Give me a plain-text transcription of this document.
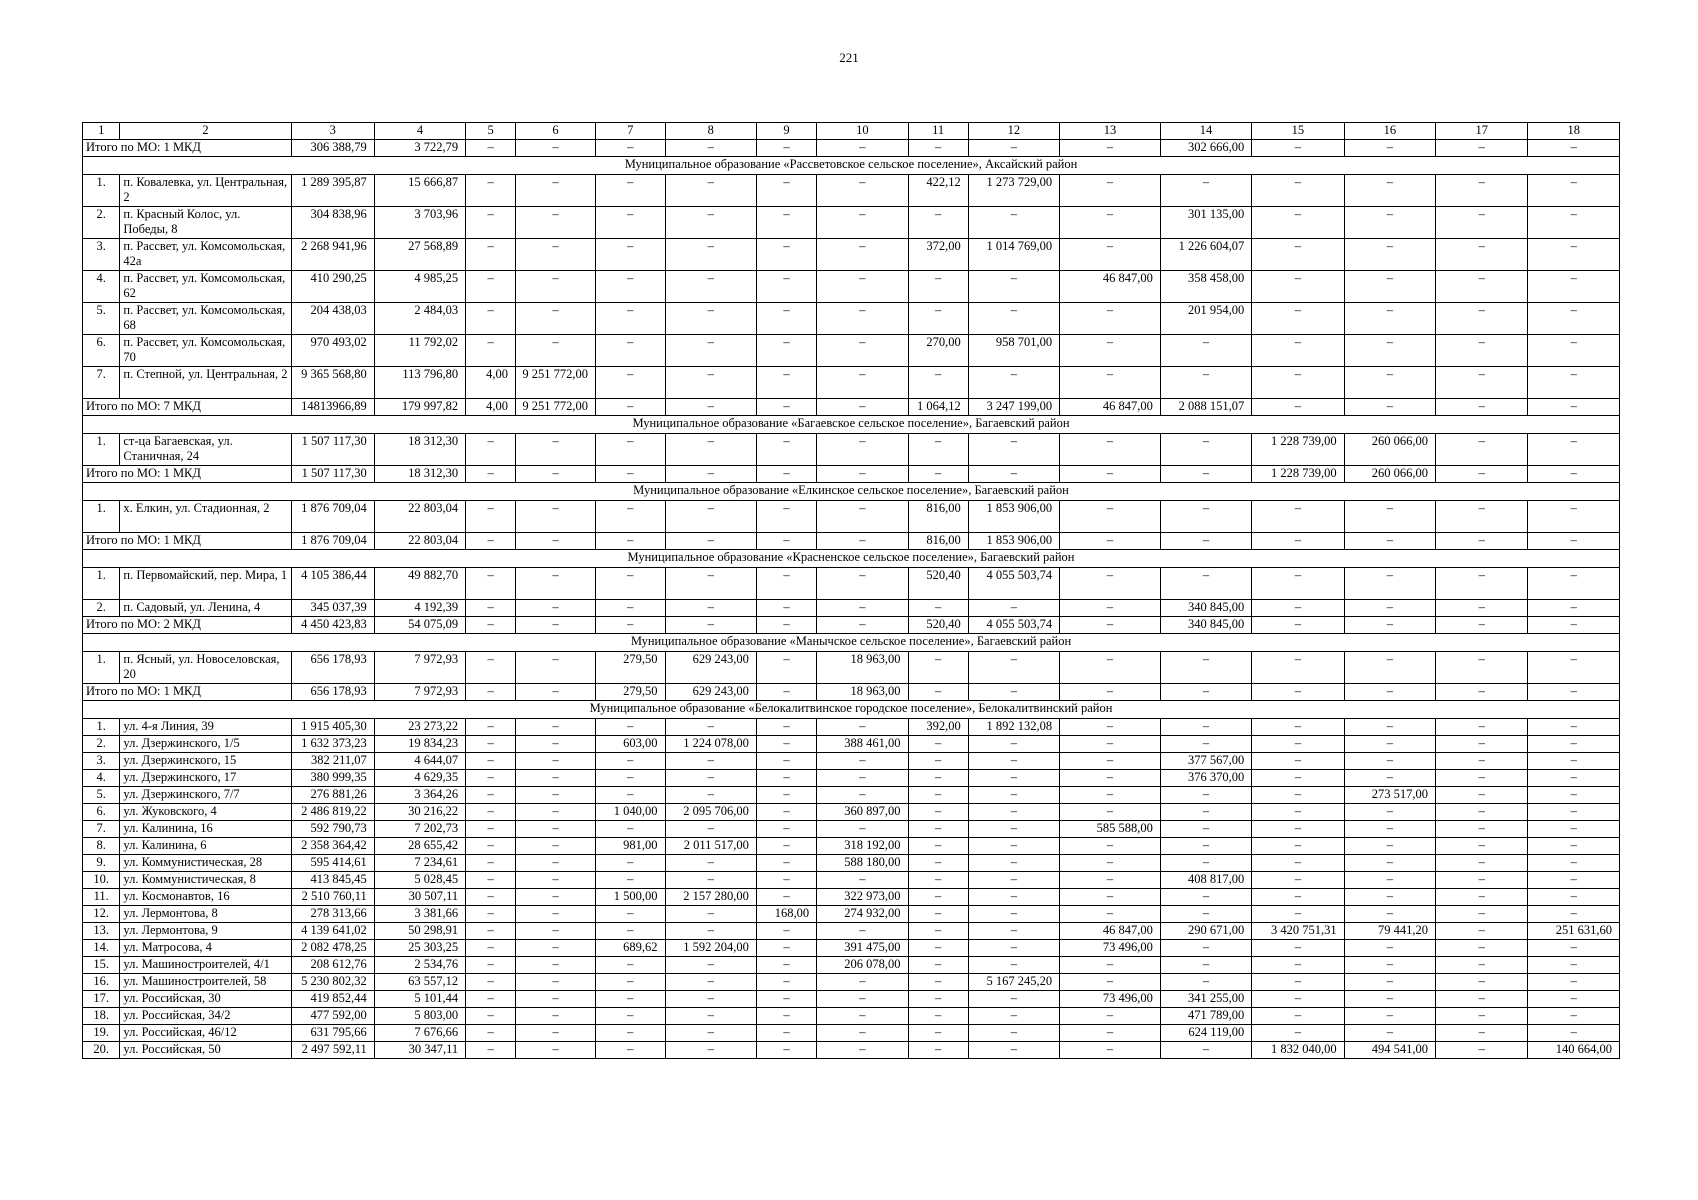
221
1	2	3	4	5	6	7	8	9	10	11	12	13	14	15	16	17	18
Итого по МО: 1 МКД		306 388,79	3 722,79	–	–	–	–	–	–	–	–	–	302 666,00	–	–	–	–
Муниципальное образование «Рассветовское сельское поселение», Аксайский район																	
1.	п. Ковалевка, ул. Центральная, 2	1 289 395,87	15 666,87	–	–	–	–	–	–	422,12	1 273 729,00	–	–	–	–	–	–
2.	п. Красный Колос, ул. Победы, 8	304 838,96	3 703,96	–	–	–	–	–	–	–	–	–	301 135,00	–	–	–	–
3.	п. Рассвет, ул. Комсомольская, 42а	2 268 941,96	27 568,89	–	–	–	–	–	–	372,00	1 014 769,00	–	1 226 604,07	–	–	–	–
4.	п. Рассвет, ул. Комсомольская, 62	410 290,25	4 985,25	–	–	–	–	–	–	–	–	46 847,00	358 458,00	–	–	–	–
5.	п. Рассвет, ул. Комсомольская, 68	204 438,03	2 484,03	–	–	–	–	–	–	–	–	–	201 954,00	–	–	–	–
6.	п. Рассвет, ул. Комсомольская, 70	970 493,02	11 792,02	–	–	–	–	–	–	270,00	958 701,00	–	–	–	–	–	–
7.	п. Степной, ул. Центральная, 2	9 365 568,80	113 796,80	4,00	9 251 772,00	–	–	–	–	–	–	–	–	–	–	–	–
Итого по МО: 7 МКД		14813966,89	179 997,82	4,00	9 251 772,00	–	–	–	–	1 064,12	3 247 199,00	46 847,00	2 088 151,07	–	–	–	–
Муниципальное образование «Багаевское сельское поселение», Багаевский район																	
1.	ст-ца Багаевская, ул. Станичная, 24	1 507 117,30	18 312,30	–	–	–	–	–	–	–	–	–	–	1 228 739,00	260 066,00	–	–
Итого по МО: 1 МКД		1 507 117,30	18 312,30	–	–	–	–	–	–	–	–	–	–	1 228 739,00	260 066,00	–	–
Муниципальное образование «Елкинское сельское поселение», Багаевский район																	
1.	х. Елкин, ул. Стадионная, 2	1 876 709,04	22 803,04	–	–	–	–	–	–	816,00	1 853 906,00	–	–	–	–	–	–
Итого по МО: 1 МКД		1 876 709,04	22 803,04	–	–	–	–	–	–	816,00	1 853 906,00	–	–	–	–	–	–
Муниципальное образование «Красненское сельское поселение», Багаевский район																	
1.	п. Первомайский, пер. Мира, 1	4 105 386,44	49 882,70	–	–	–	–	–	–	520,40	4 055 503,74	–	–	–	–	–	–
2.	п. Садовый, ул. Ленина, 4	345 037,39	4 192,39	–	–	–	–	–	–	–	–	–	340 845,00	–	–	–	–
Итого по МО: 2 МКД		4 450 423,83	54 075,09	–	–	–	–	–	–	520,40	4 055 503,74	–	340 845,00	–	–	–	–
Муниципальное образование «Манычское сельское поселение», Багаевский район																	
1.	п. Ясный, ул. Новоселовская, 20	656 178,93	7 972,93	–	–	279,50	629 243,00	–	18 963,00	–	–	–	–	–	–	–	–
Итого по МО: 1 МКД		656 178,93	7 972,93	–	–	279,50	629 243,00	–	18 963,00	–	–	–	–	–	–	–	–
Муниципальное образование «Белокалитвинское городское поселение», Белокалитвинский район																	
1.	ул. 4-я Линия, 39	1 915 405,30	23 273,22	–	–	–	–	–	–	392,00	1 892 132,08	–	–	–	–	–	–
2.	ул. Дзержинского, 1/5	1 632 373,23	19 834,23	–	–	603,00	1 224 078,00	–	388 461,00	–	–	–	–	–	–	–	–
3.	ул. Дзержинского, 15	382 211,07	4 644,07	–	–	–	–	–	–	–	–	–	377 567,00	–	–	–	–
4.	ул. Дзержинского, 17	380 999,35	4 629,35	–	–	–	–	–	–	–	–	–	376 370,00	–	–	–	–
5.	ул. Дзержинского, 7/7	276 881,26	3 364,26	–	–	–	–	–	–	–	–	–	–	–	273 517,00	–	–
6.	ул. Жуковского, 4	2 486 819,22	30 216,22	–	–	1 040,00	2 095 706,00	–	360 897,00	–	–	–	–	–	–	–	–
7.	ул. Калинина, 16	592 790,73	7 202,73	–	–	–	–	–	–	–	–	585 588,00	–	–	–	–	–
8.	ул. Калинина, 6	2 358 364,42	28 655,42	–	–	981,00	2 011 517,00	–	318 192,00	–	–	–	–	–	–	–	–
9.	ул. Коммунистическая, 28	595 414,61	7 234,61	–	–	–	–	–	588 180,00	–	–	–	–	–	–	–	–
10.	ул. Коммунистическая, 8	413 845,45	5 028,45	–	–	–	–	–	–	–	–	–	408 817,00	–	–	–	–
11.	ул. Космонавтов, 16	2 510 760,11	30 507,11	–	–	1 500,00	2 157 280,00	–	322 973,00	–	–	–	–	–	–	–	–
12.	ул. Лермонтова, 8	278 313,66	3 381,66	–	–	–	–	168,00	274 932,00	–	–	–	–	–	–	–	–
13.	ул. Лермонтова, 9	4 139 641,02	50 298,91	–	–	–	–	–	–	–	–	46 847,00	290 671,00	3 420 751,31	79 441,20	–	251 631,60
14.	ул. Матросова, 4	2 082 478,25	25 303,25	–	–	689,62	1 592 204,00	–	391 475,00	–	–	73 496,00	–	–	–	–	–
15.	ул. Машиностроителей, 4/1	208 612,76	2 534,76	–	–	–	–	–	206 078,00	–	–	–	–	–	–	–	–
16.	ул. Машиностроителей, 58	5 230 802,32	63 557,12	–	–	–	–	–	–	–	5 167 245,20	–	–	–	–	–	–
17.	ул. Российская, 30	419 852,44	5 101,44	–	–	–	–	–	–	–	–	73 496,00	341 255,00	–	–	–	–
18.	ул. Российская, 34/2	477 592,00	5 803,00	–	–	–	–	–	–	–	–	–	471 789,00	–	–	–	–
19.	ул. Российская, 46/12	631 795,66	7 676,66	–	–	–	–	–	–	–	–	–	624 119,00	–	–	–	–
20.	ул. Российская, 50	2 497 592,11	30 347,11	–	–	–	–	–	–	–	–	–	–	1 832 040,00	494 541,00	–	140 664,00
